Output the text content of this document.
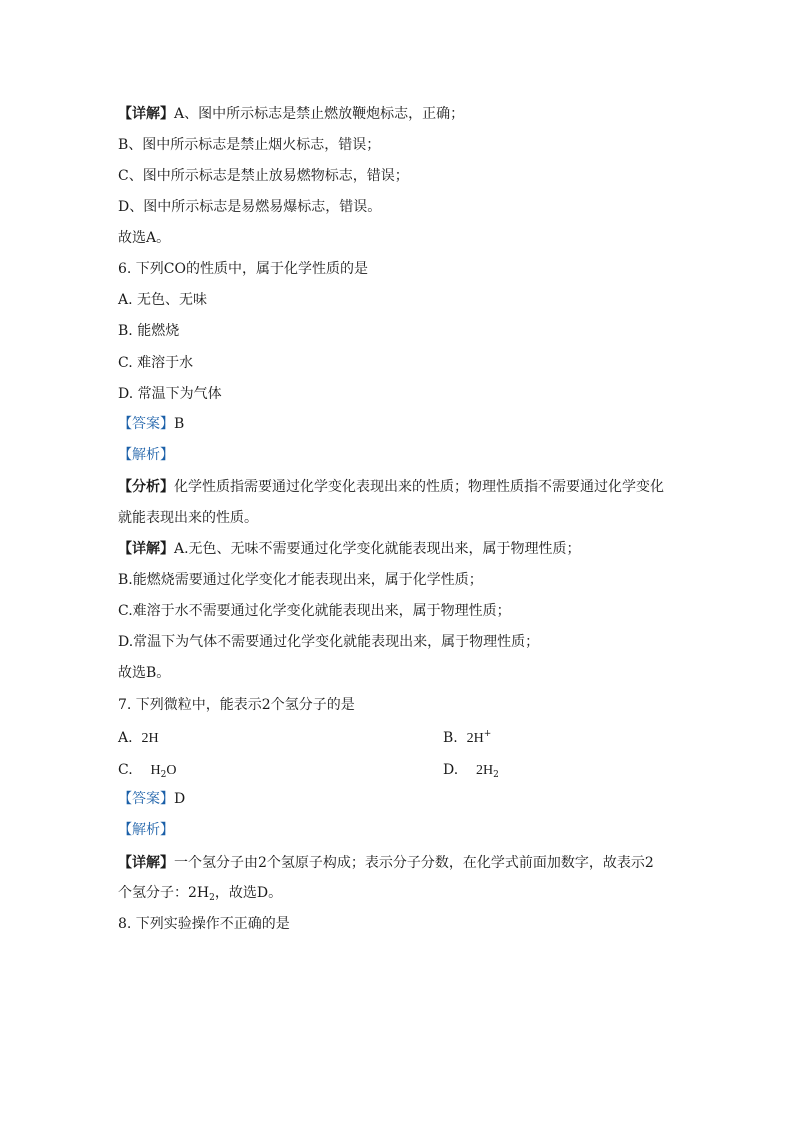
【详解】A、图中所示标志是禁止燃放鞭炮标志，正确；
B、图中所示标志是禁止烟火标志，错误；
C、图中所示标志是禁止放易燃物标志，错误；
D、图中所示标志是易燃易爆标志，错误。
故选A。
6. 下列CO的性质中，属于化学性质的是
A. 无色、无味
B. 能燃烧
C. 难溶于水
D. 常温下为气体
【答案】B
【解析】
【分析】化学性质指需要通过化学变化表现出来的性质；物理性质指不需要通过化学变化
就能表现出来的性质。
【详解】A.无色、无味不需要通过化学变化就能表现出来，属于物理性质；
B.能燃烧需要通过化学变化才能表现出来，属于化学性质；
C.难溶于水不需要通过化学变化就能表现出来，属于物理性质；
D.常温下为气体不需要通过化学变化就能表现出来，属于物理性质；
故选B。
7. 下列微粒中，能表示2个氢分子的是
A. 2H	B. 2H+
C. $H_2O$	D. $2H_2$
【答案】D
【解析】
【详解】一个氢分子由2个氢原子构成；表示分子分数，在化学式前面加数字，故表示2
个氢分子：$2H_2$，故选D。
8. 下列实验操作不正确的是
